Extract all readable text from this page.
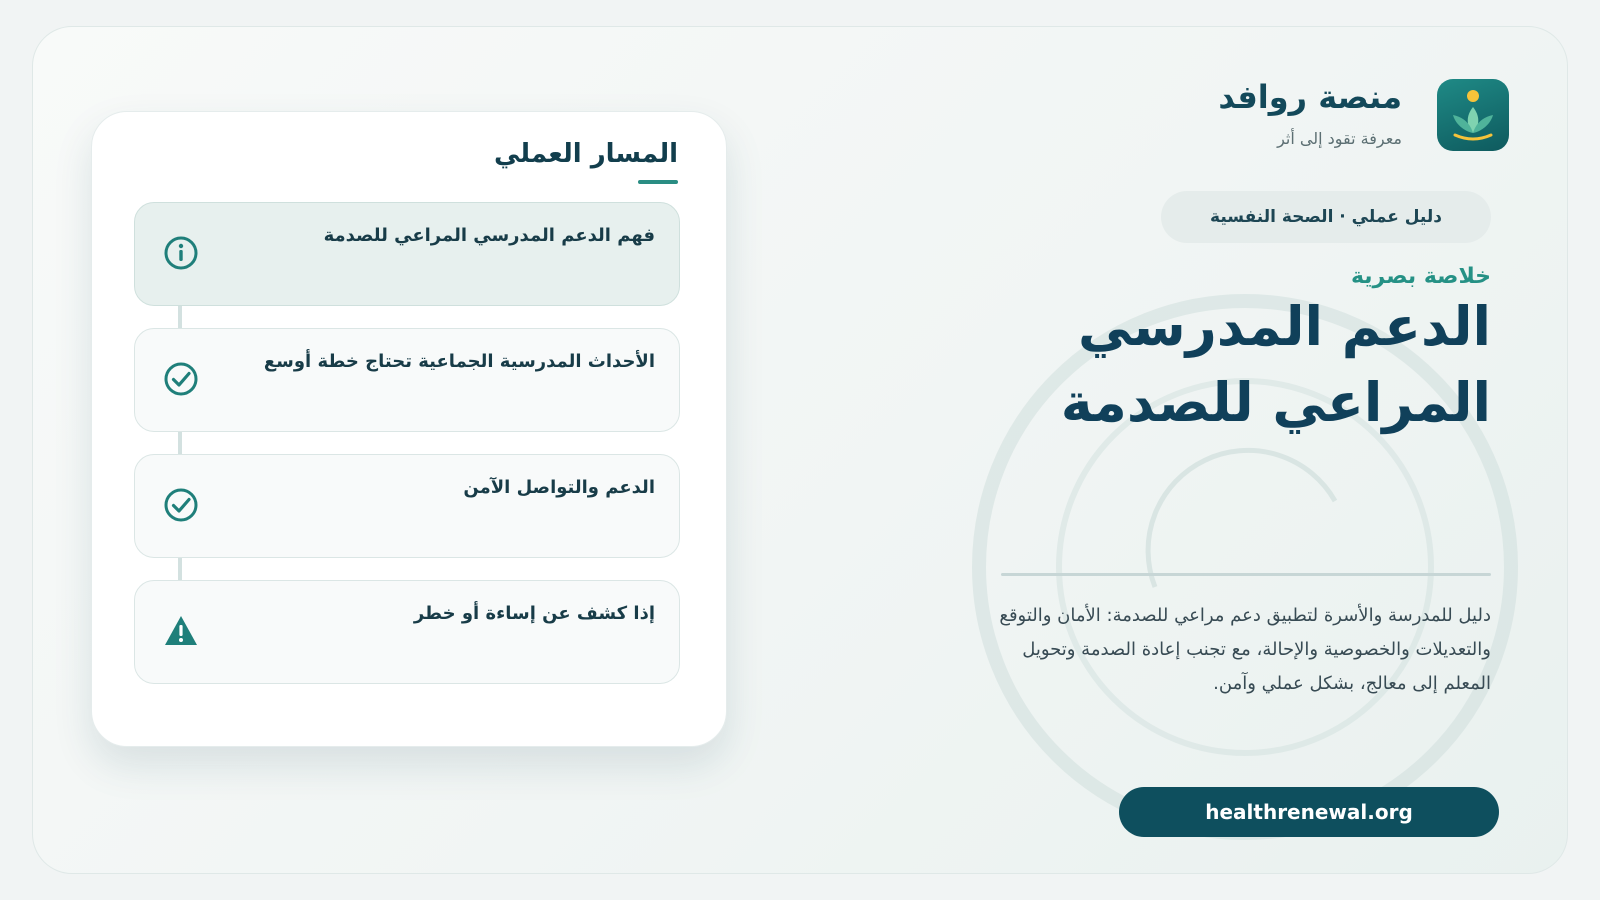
منصة روافد
معرفة تقود إلى أثر
دليل عملي · الصحة النفسية
خلاصة بصرية
الدعم المدرسي المراعي للصدمة
دليل للمدرسة والأسرة لتطبيق دعم مراعي للصدمة: الأمان والتوقع والتعديلات والخصوصية والإحالة، مع تجنب إعادة الصدمة وتحويل المعلم إلى معالج، بشكل عملي وآمن.
healthrenewal.org
المسار العملي
فهم الدعم المدرسي المراعي للصدمة
الأحداث المدرسية الجماعية تحتاج خطة أوسع
الدعم والتواصل الآمن
إذا كشف عن إساءة أو خطر
